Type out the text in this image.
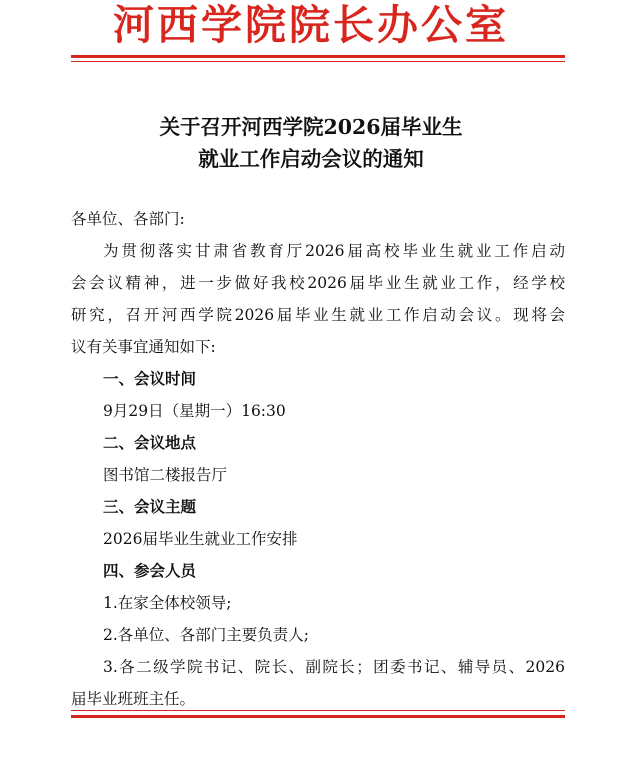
河西学院院长办公室
关于召开河西学院2026届毕业生
就业工作启动会议的通知
各单位、各部门:
为贯彻落实甘肃省教育厅2026届高校毕业生就业工作启动
会会议精神，进一步做好我校2026届毕业生就业工作，经学校
研究，召开河西学院2026届毕业生就业工作启动会议。现将会
议有关事宜通知如下:
一、会议时间
9月29日（星期一）16:30
二、会议地点
图书馆二楼报告厅
三、会议主题
2026届毕业生就业工作安排
四、参会人员
1.在家全体校领导;
2.各单位、各部门主要负责人;
3.各二级学院书记、院长、副院长；团委书记、辅导员、2026
届毕业班班主任。
